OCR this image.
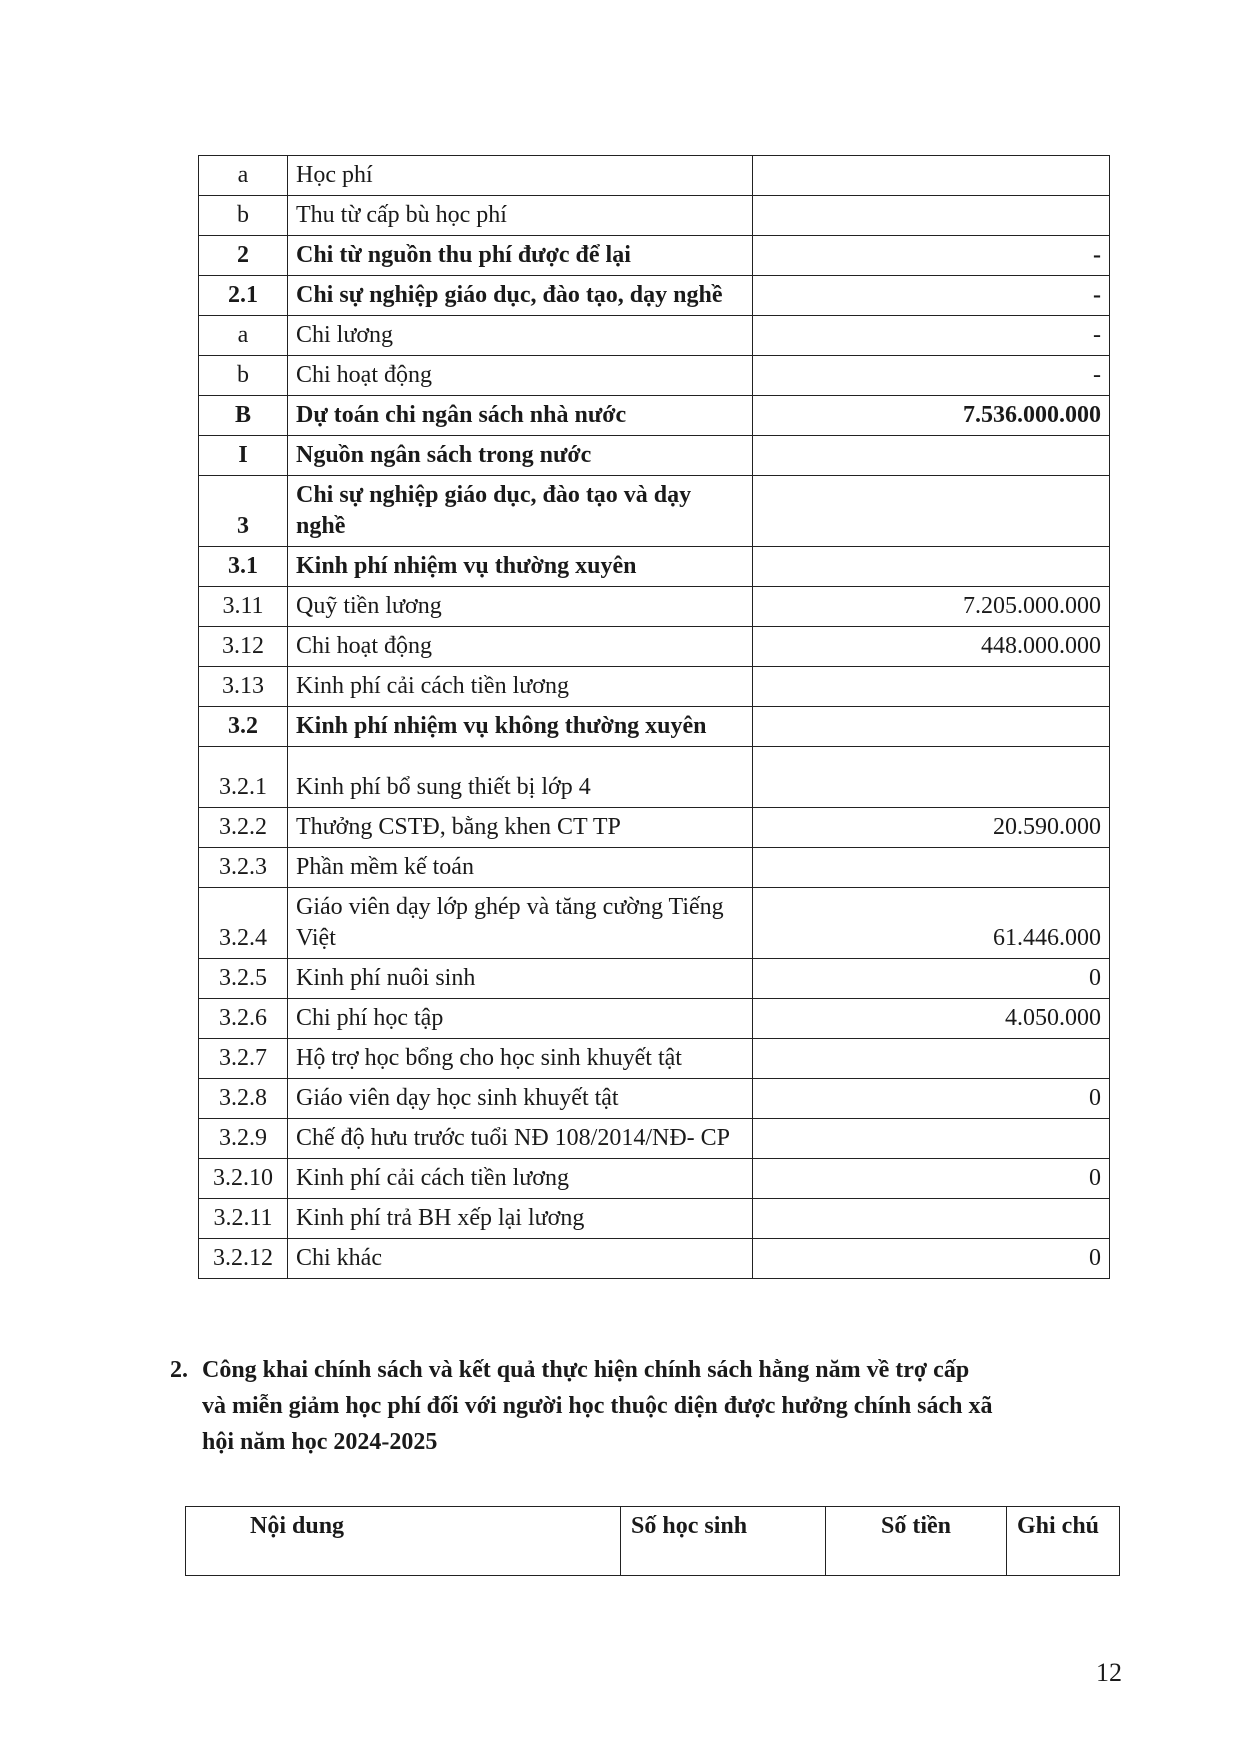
a	Học phí	
b	Thu từ cấp bù học phí	
2	Chi từ nguồn thu phí được để lại	-
2.1	Chi sự nghiệp giáo dục, đào tạo, dạy nghề	-
a	Chi lương	-
b	Chi hoạt động	-
B	Dự toán chi ngân sách nhà nước	7.536.000.000
I	Nguồn ngân sách trong nước	
3	Chi sự nghiệp giáo dục, đào tạo và dạy nghề	
3.1	Kinh phí nhiệm vụ thường xuyên	
3.11	Quỹ tiền lương	7.205.000.000
3.12	Chi hoạt động	448.000.000
3.13	Kinh phí cải cách tiền lương	
3.2	Kinh phí nhiệm vụ không thường xuyên	
3.2.1	Kinh phí bổ sung thiết bị lớp 4	
3.2.2	Thưởng CSTĐ, bằng khen CT TP	20.590.000
3.2.3	Phần mềm kế toán	
3.2.4	Giáo viên dạy lớp ghép và tăng cường Tiếng Việt	61.446.000
3.2.5	Kinh phí nuôi sinh	0
3.2.6	Chi phí học tập	4.050.000
3.2.7	Hộ trợ học bổng cho học sinh khuyết tật	
3.2.8	Giáo viên dạy học sinh khuyết tật	0
3.2.9	Chế độ hưu trước tuổi NĐ 108/2014/NĐ- CP	
3.2.10	Kinh phí cải cách tiền lương	0
3.2.11	Kinh phí trả BH xếp lại lương	
3.2.12	Chi khác	0
2. Công khai chính sách và kết quả thực hiện chính sách hằng năm về trợ cấp
và miễn giảm học phí đối với người học thuộc diện được hưởng chính sách xã
hội năm học 2024-2025
Nội dung	Số học sinh	Số tiền	Ghi chú
12
